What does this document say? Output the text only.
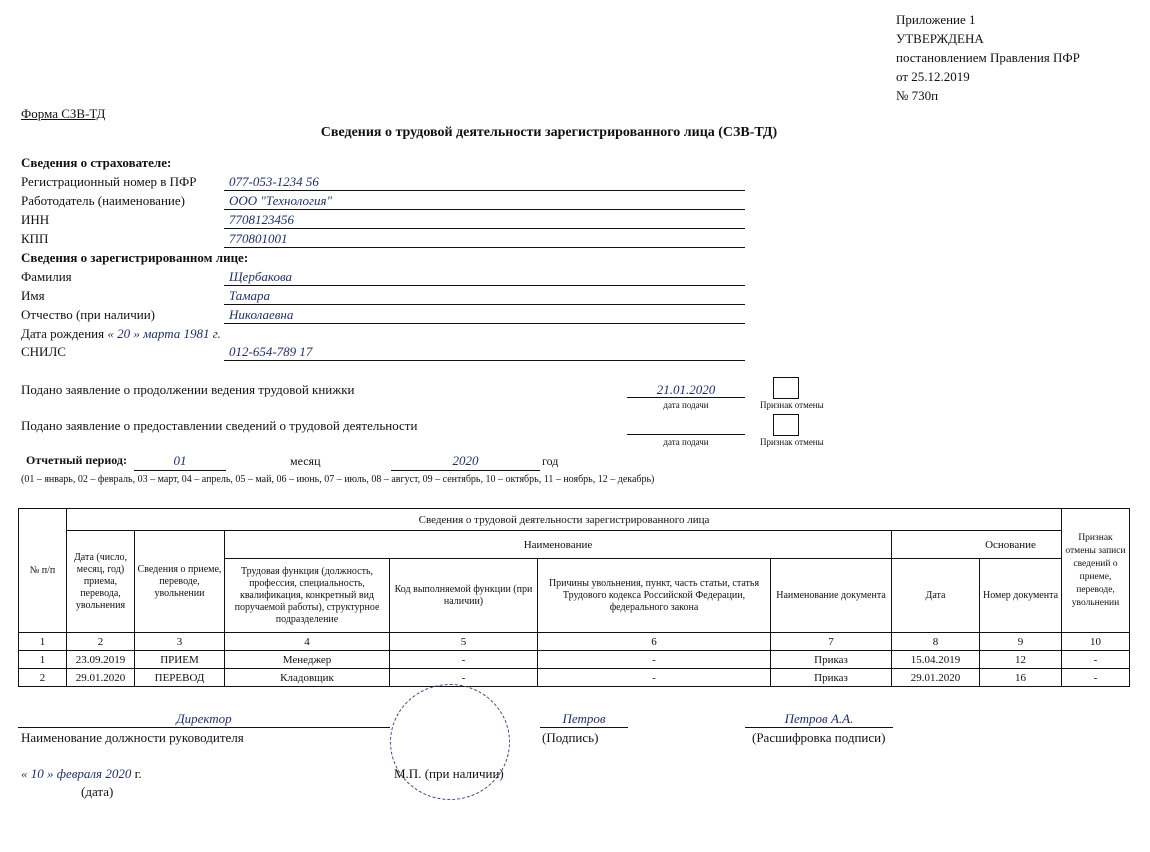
Приложение 1
УТВЕРЖДЕНА
постановлением Правления ПФР
от 25.12.2019
№ 730п
Форма СЗВ-ТД
Сведения о трудовой деятельности зарегистрированного лица (СЗВ-ТД)
Сведения о страхователе:
Регистрационный номер в ПФР	077-053-1234 56
Работодатель (наименование)	ООО "Технология"
ИНН	7708123456
КПП	770801001
Сведения о зарегистрированном лице:
Фамилия	Щербакова
Имя	Тамара
Отчество (при наличии)	Николаевна
Дата рождения « 20 » марта 1981 г.
СНИЛС	012-654-789 17
Подано заявление о продолжении ведения трудовой книжки	21.01.2020
дата подачи	Признак отмены
Подано заявление о предоставлении сведений о трудовой деятельности
дата подачи	Признак отмены
Отчетный период:	01	месяц	2020	год
(01 – январь, 02 – февраль, 03 – март, 04 – апрель, 05 – май, 06 – июнь, 07 – июль, 08 – август, 09 – сентябрь, 10 – октябрь, 11 – ноябрь, 12 – декабрь)
№ п/п	Сведения о трудовой деятельности зарегистрированного лица								Признак отмены записи сведений о приеме, переводе, увольнении
	Дата (число, месяц, год) приема, перевода, увольнения	Сведения о приеме, переводе, увольнении	Наименование				Основание		
			Трудовая функция (должность, профессия, специальность, квалификация, конкретный вид поручаемой работы), структурное подразделение	Код выполняемой функции (при наличии)	Причины увольнения, пункт, часть статьи, статья Трудового кодекса Российской Федерации, федерального закона	Наименование документа	Дата	Номер документа	
1	2	3	4	5	6	7	8	9	10
1	23.09.2019	ПРИЕМ	Менеджер	-	-	Приказ	15.04.2019	12	-
2	29.01.2020	ПЕРЕВОД	Кладовщик	-	-	Приказ	29.01.2020	16	-
Директор
Наименование должности руководителя
Петров
(Подпись)
Петров А.А.
(Расшифровка подписи)
« 10 » февраля 2020 г.
(дата)
М.П. (при наличии)
